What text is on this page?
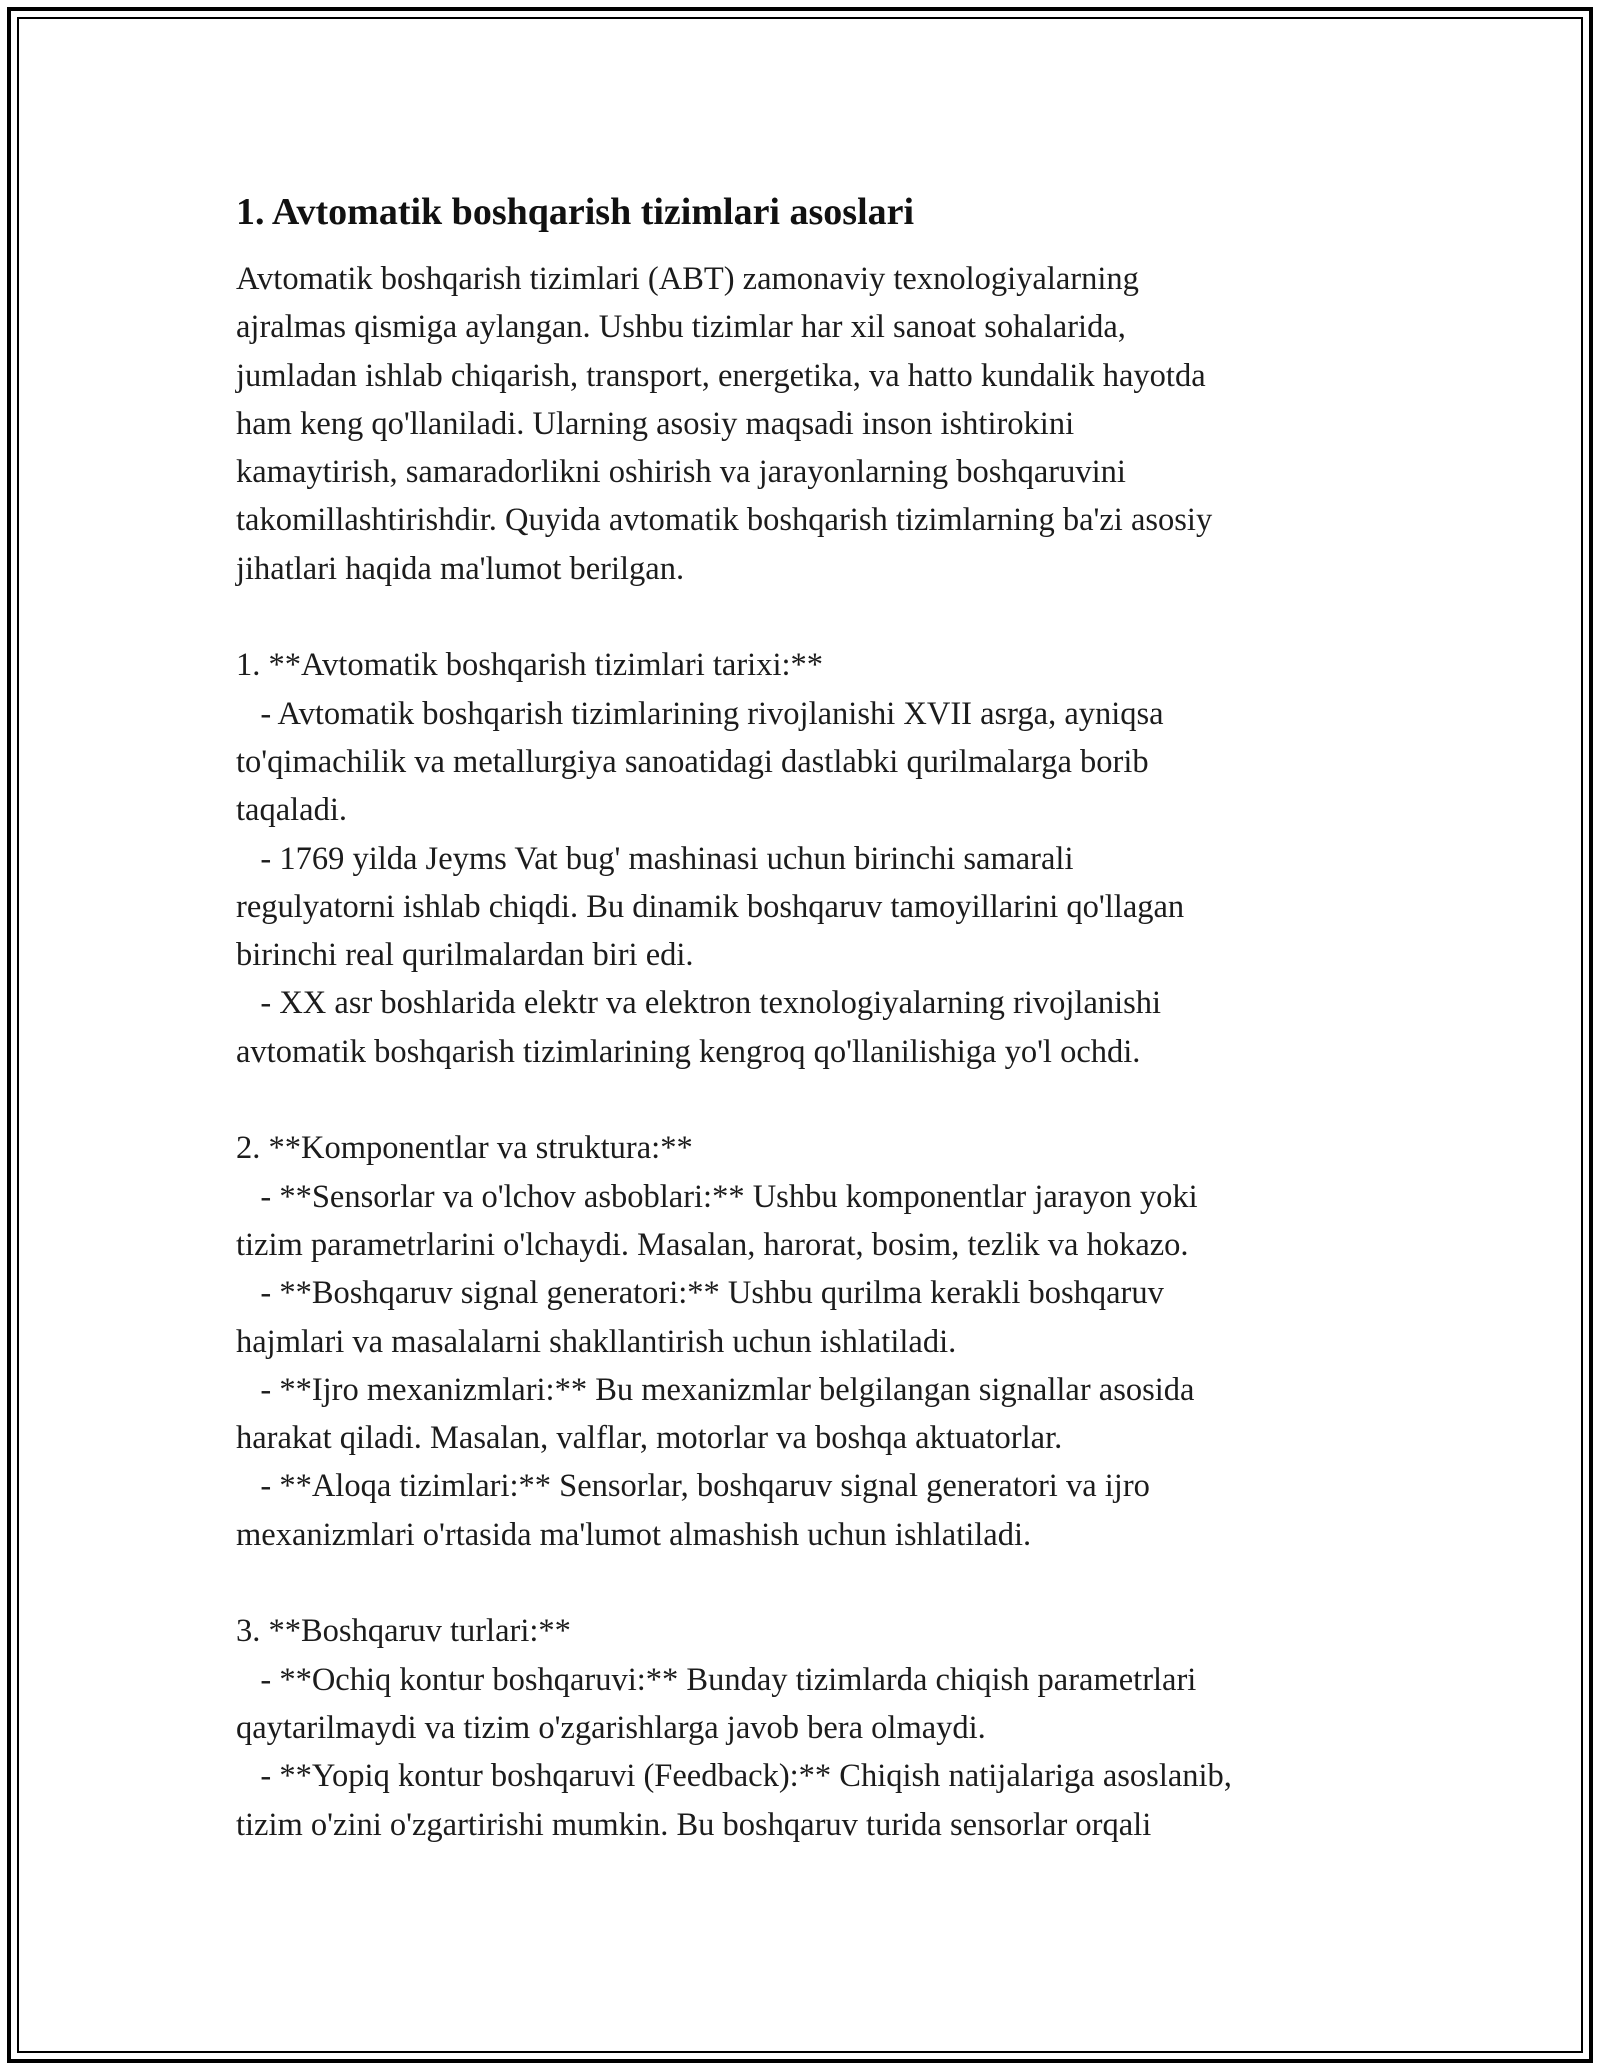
1. Avtomatik boshqarish tizimlari asoslari

Avtomatik boshqarish tizimlari (ABT) zamonaviy texnologiyalarning

ajralmas qismiga aylangan. Ushbu tizimlar har xil sanoat sohalarida,

jumladan ishlab chiqarish, transport, energetika, va hatto kundalik hayotda

ham keng qo'llaniladi. Ularning asosiy maqsadi inson ishtirokini

kamaytirish, samaradorlikni oshirish va jarayonlarning boshqaruvini

takomillashtirishdir. Quyida avtomatik boshqarish tizimlarning ba'zi asosiy

jihatlari haqida ma'lumot berilgan.

1. **Avtomatik boshqarish tizimlari tarixi:**

- Avtomatik boshqarish tizimlarining rivojlanishi XVII asrga, ayniqsa

to'qimachilik va metallurgiya sanoatidagi dastlabki qurilmalarga borib

taqaladi.

- 1769 yilda Jeyms Vat bug' mashinasi uchun birinchi samarali

regulyatorni ishlab chiqdi. Bu dinamik boshqaruv tamoyillarini qo'llagan

birinchi real qurilmalardan biri edi.

- XX asr boshlarida elektr va elektron texnologiyalarning rivojlanishi

avtomatik boshqarish tizimlarining kengroq qo'llanilishiga yo'l ochdi.

2. **Komponentlar va struktura:**

- **Sensorlar va o'lchov asboblari:** Ushbu komponentlar jarayon yoki

tizim parametrlarini o'lchaydi. Masalan, harorat, bosim, tezlik va hokazo.

- **Boshqaruv signal generatori:** Ushbu qurilma kerakli boshqaruv

hajmlari va masalalarni shakllantirish uchun ishlatiladi.

- **Ijro mexanizmlari:** Bu mexanizmlar belgilangan signallar asosida

harakat qiladi. Masalan, valflar, motorlar va boshqa aktuatorlar.

- **Aloqa tizimlari:** Sensorlar, boshqaruv signal generatori va ijro

mexanizmlari o'rtasida ma'lumot almashish uchun ishlatiladi.

3. **Boshqaruv turlari:**

- **Ochiq kontur boshqaruvi:** Bunday tizimlarda chiqish parametrlari

qaytarilmaydi va tizim o'zgarishlarga javob bera olmaydi.

- **Yopiq kontur boshqaruvi (Feedback):** Chiqish natijalariga asoslanib,

tizim o'zini o'zgartirishi mumkin. Bu boshqaruv turida sensorlar orqali
